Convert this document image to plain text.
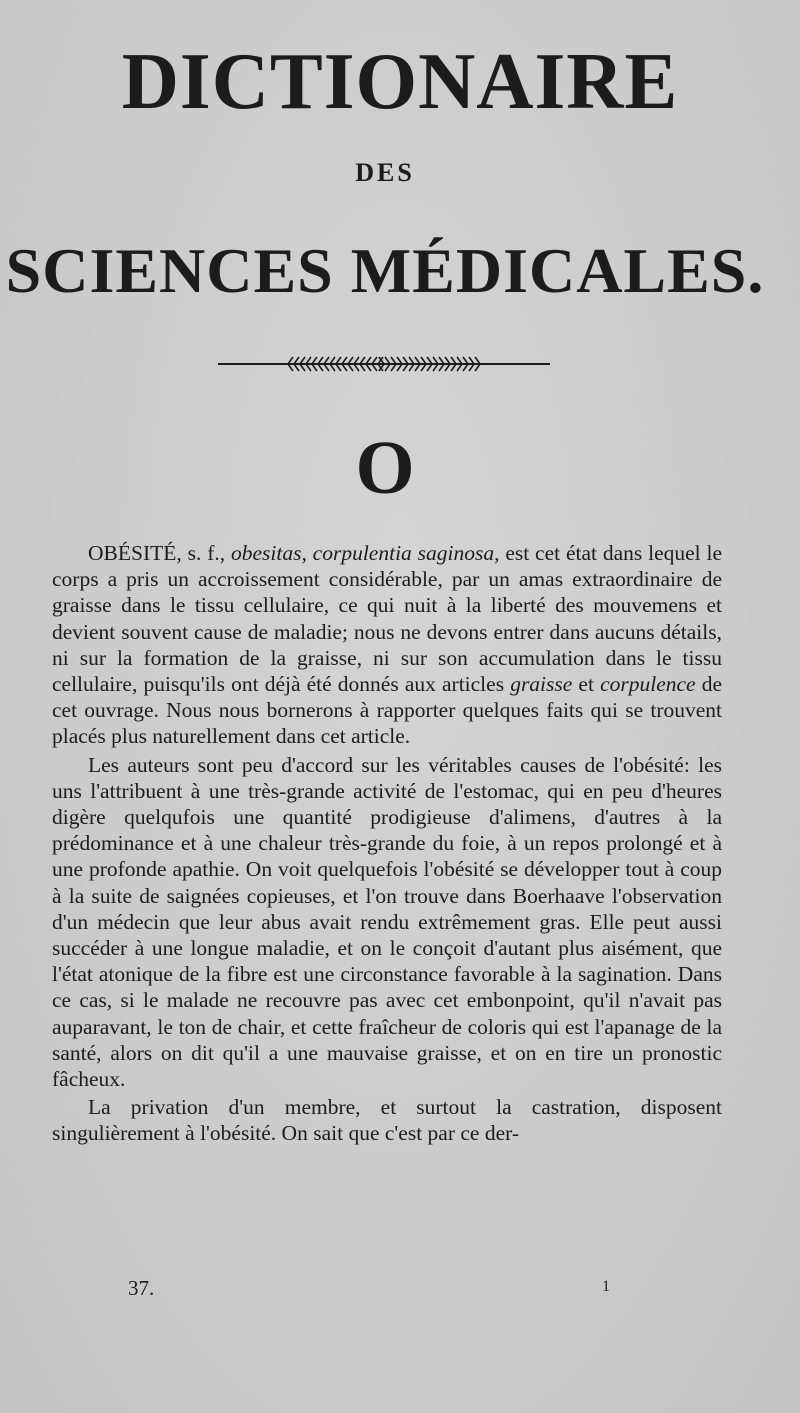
DICTIONAIRE
DES
SCIENCES MÉDICALES.
O

OBÉSITÉ, s. f., obesitas, corpulentia saginosa, est cet état dans lequel le corps a pris un accroissement considérable, par un amas extraordinaire de graisse dans le tissu cellulaire, ce qui nuit à la liberté des mouvemens et devient souvent cause de maladie; nous ne devons entrer dans aucuns détails, ni sur la formation de la graisse, ni sur son accumulation dans le tissu cellulaire, puisqu'ils ont déjà été donnés aux articles graisse et corpulence de cet ouvrage. Nous nous bornerons à rapporter quelques faits qui se trouvent placés plus naturellement dans cet article.

Les auteurs sont peu d'accord sur les véritables causes de l'obésité: les uns l'attribuent à une très-grande activité de l'estomac, qui en peu d'heures digère quelqufois une quantité prodigieuse d'alimens, d'autres à la prédominance et à une chaleur très-grande du foie, à un repos prolongé et à une profonde apathie. On voit quelquefois l'obésité se développer tout à coup à la suite de saignées copieuses, et l'on trouve dans Boerhaave l'observation d'un médecin que leur abus avait rendu extrêmement gras. Elle peut aussi succéder à une longue maladie, et on le conçoit d'autant plus aisément, que l'état atonique de la fibre est une circonstance favorable à la sagination. Dans ce cas, si le malade ne recouvre pas avec cet embonpoint, qu'il n'avait pas auparavant, le ton de chair, et cette fraîcheur de coloris qui est l'apanage de la santé, alors on dit qu'il a une mauvaise graisse, et on en tire un pronostic fâcheux.

La privation d'un membre, et surtout la castration, disposent singulièrement à l'obésité. On sait que c'est par ce der-

37.	1
